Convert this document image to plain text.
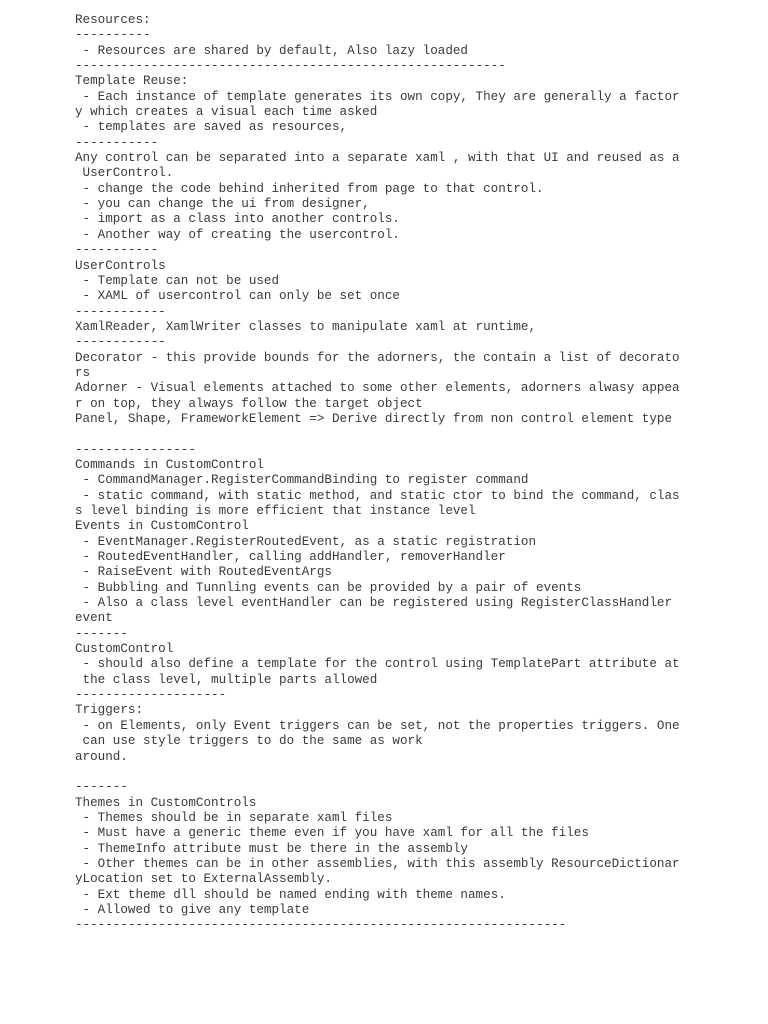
Resources:
----------
- Resources are shared by default, Also lazy loaded
---------------------------------------------------------
Template Reuse:
- Each instance of template generates its own copy, They are generally a factor
y which creates a visual each time asked
- templates are saved as resources,
-----------
Any control can be separated into a separate xaml , with that UI and reused as a
UserControl.
- change the code behind inherited from page to that control.
- you can change the ui from designer,
- import as a class into another controls.
- Another way of creating the usercontrol.
-----------
UserControls
- Template can not be used
- XAML of usercontrol can only be set once
------------
XamlReader, XamlWriter classes to manipulate xaml at runtime,
------------
Decorator - this provide bounds for the adorners, the contain a list of decorato
rs
Adorner - Visual elements attached to some other elements, adorners alwasy appea
r on top, they always follow the target object
Panel, Shape, FrameworkElement => Derive directly from non control element type
----------------
Commands in CustomControl
- CommandManager.RegisterCommandBinding to register command
- static command, with static method, and static ctor to bind the command, clas
s level binding is more efficient that instance level
Events in CustomControl
- EventManager.RegisterRoutedEvent, as a static registration
- RoutedEventHandler, calling addHandler, removerHandler
- RaiseEvent with RoutedEventArgs
- Bubbling and Tunnling events can be provided by a pair of events
- Also a class level eventHandler can be registered using RegisterClassHandler
event
-------
CustomControl
- should also define a template for the control using TemplatePart attribute at
the class level, multiple parts allowed
--------------------
Triggers:
- on Elements, only Event triggers can be set, not the properties triggers. One
can use style triggers to do the same as work
around.
-------
Themes in CustomControls
- Themes should be in separate xaml files
- Must have a generic theme even if you have xaml for all the files
- ThemeInfo attribute must be there in the assembly
- Other themes can be in other assemblies, with this assembly ResourceDictionar
yLocation set to ExternalAssembly.
- Ext theme dll should be named ending with theme names.
- Allowed to give any template
-----------------------------------------------------------------
